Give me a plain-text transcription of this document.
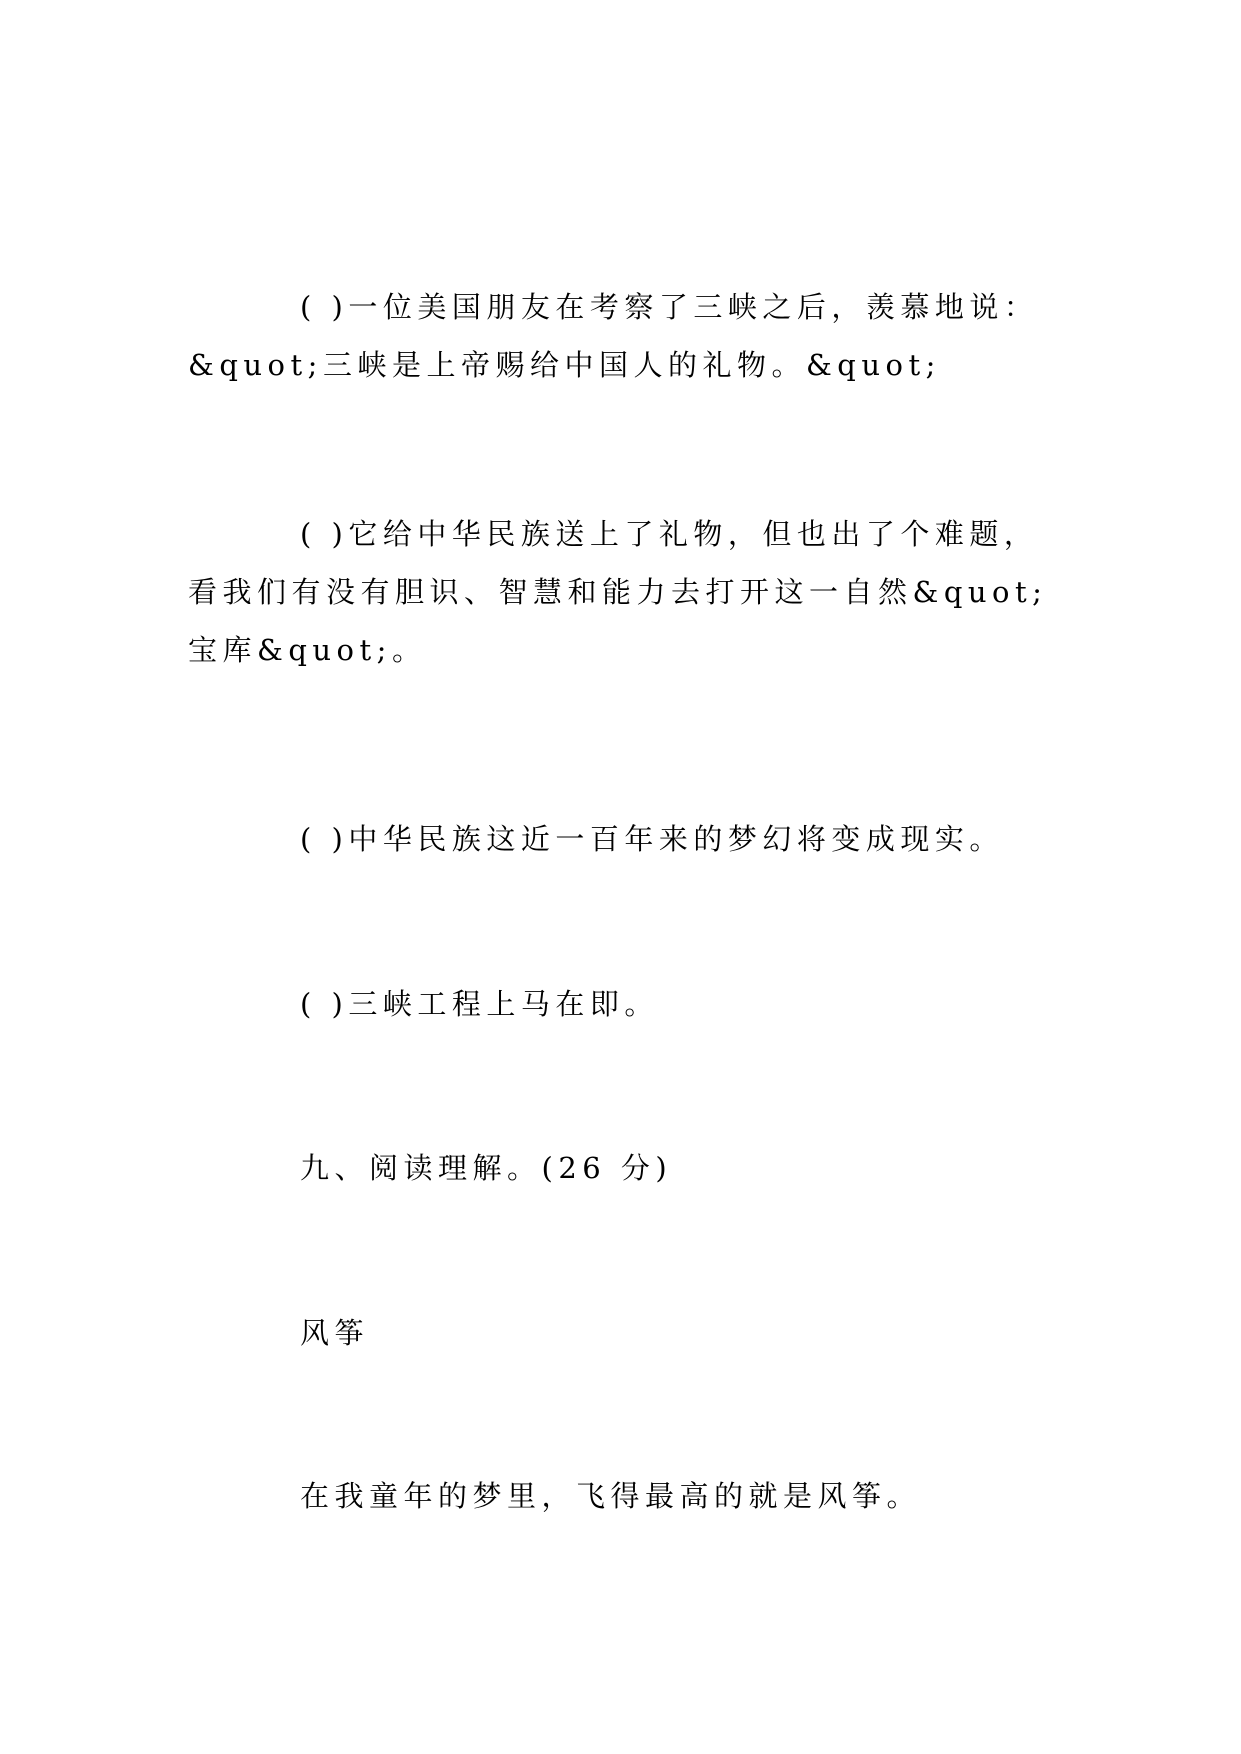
( )一位美国朋友在考察了三峡之后，羡慕地说：&quot;三峡是上帝赐给中国人的礼物。&quot;

( )它给中华民族送上了礼物，但也出了个难题，看我们有没有胆识、智慧和能力去打开这一自然&quot;宝库&quot;。

( )中华民族这近一百年来的梦幻将变成现实。

( )三峡工程上马在即。

九、阅读理解。(26 分)

风筝

在我童年的梦里，飞得最高的就是风筝。
